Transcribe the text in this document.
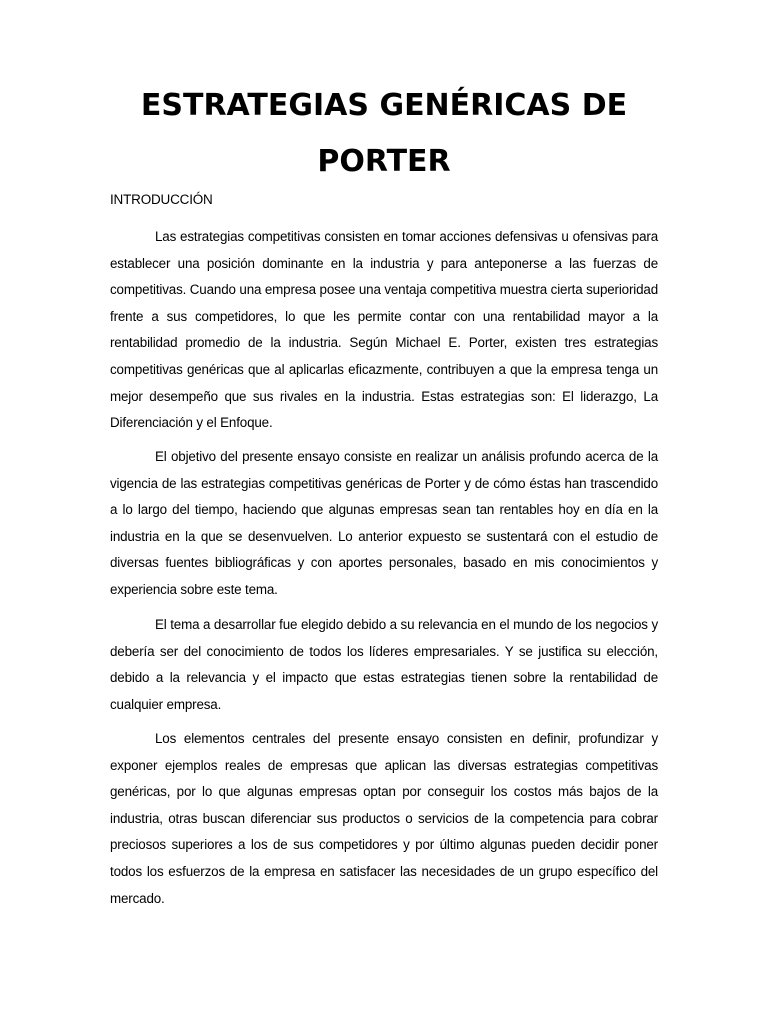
ESTRATEGIAS GENÉRICAS DE PORTER
INTRODUCCIÓN

Las estrategias competitivas consisten en tomar acciones defensivas u ofensivas para establecer una posición dominante en la industria y para anteponerse a las fuerzas de competitivas. Cuando una empresa posee una ventaja competitiva muestra cierta superioridad frente a sus competidores, lo que les permite contar con una rentabilidad mayor a la rentabilidad promedio de la industria. Según Michael E. Porter, existen tres estrategias competitivas genéricas que al aplicarlas eficazmente, contribuyen a que la empresa tenga un mejor desempeño que sus rivales en la industria. Estas estrategias son: El liderazgo, La Diferenciación y el Enfoque.

El objetivo del presente ensayo consiste en realizar un análisis profundo acerca de la vigencia de las estrategias competitivas genéricas de Porter y de cómo éstas han trascendido a lo largo del tiempo, haciendo que algunas empresas sean tan rentables hoy en día en la industria en la que se desenvuelven. Lo anterior expuesto se sustentará con el estudio de diversas fuentes bibliográficas y con aportes personales, basado en mis conocimientos y experiencia sobre este tema.

El tema a desarrollar fue elegido debido a su relevancia en el mundo de los negocios y debería ser del conocimiento de todos los líderes empresariales. Y se justifica su elección, debido a la relevancia y el impacto que estas estrategias tienen sobre la rentabilidad de cualquier empresa.

Los elementos centrales del presente ensayo consisten en definir, profundizar y exponer ejemplos reales de empresas que aplican las diversas estrategias competitivas genéricas, por lo que algunas empresas optan por conseguir los costos más bajos de la industria, otras buscan diferenciar sus productos o servicios de la competencia para cobrar preciosos superiores a los de sus competidores y por último algunas pueden decidir poner todos los esfuerzos de la empresa en satisfacer las necesidades de un grupo específico del mercado.
